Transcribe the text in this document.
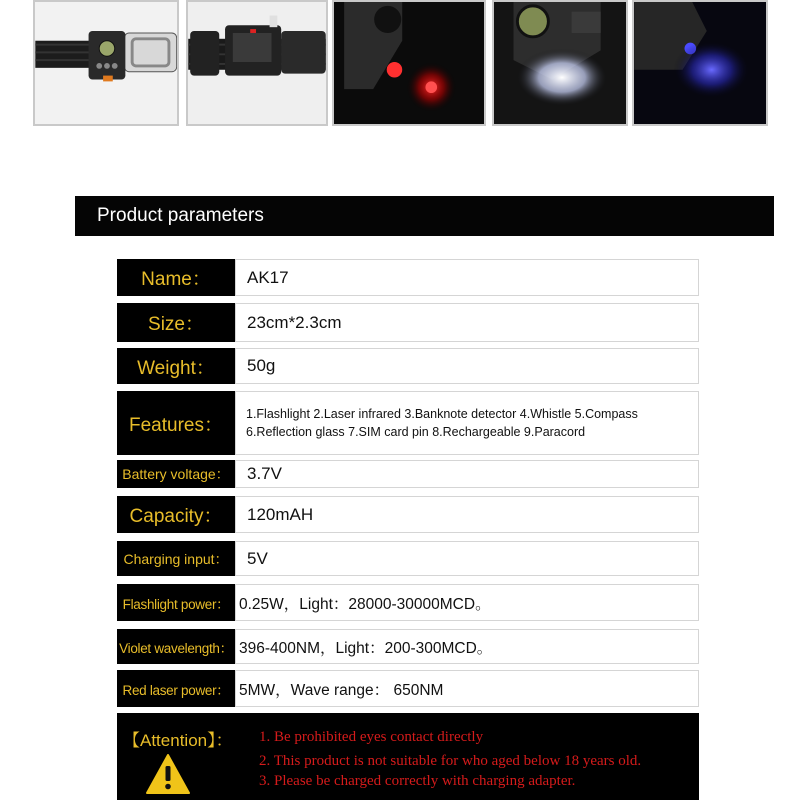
Product parameters
Name：	AK17
Size：	23cm*2.3cm
Weight：	50g
Features：
1.Flashlight 2.Laser infrared 3.Banknote detector 4.Whistle 5.Compass
6.Reflection glass 7.SIM card pin 8.Rechargeable 9.Paracord
Battery voltage：	3.7V
Capacity：	120mAH
Charging input：	5V
Flashlight power： 0.25W，Light：28000-30000MCD。
Violet wavelength： 396-400NM，Light：200-300MCD。
Red laser power： 5MW，Wave range： 650NM
【Attention】： 1. Be prohibited eyes contact directly
2. This product is not suitable for who aged below 18 years old.
3. Please be charged correctly with charging adapter.
